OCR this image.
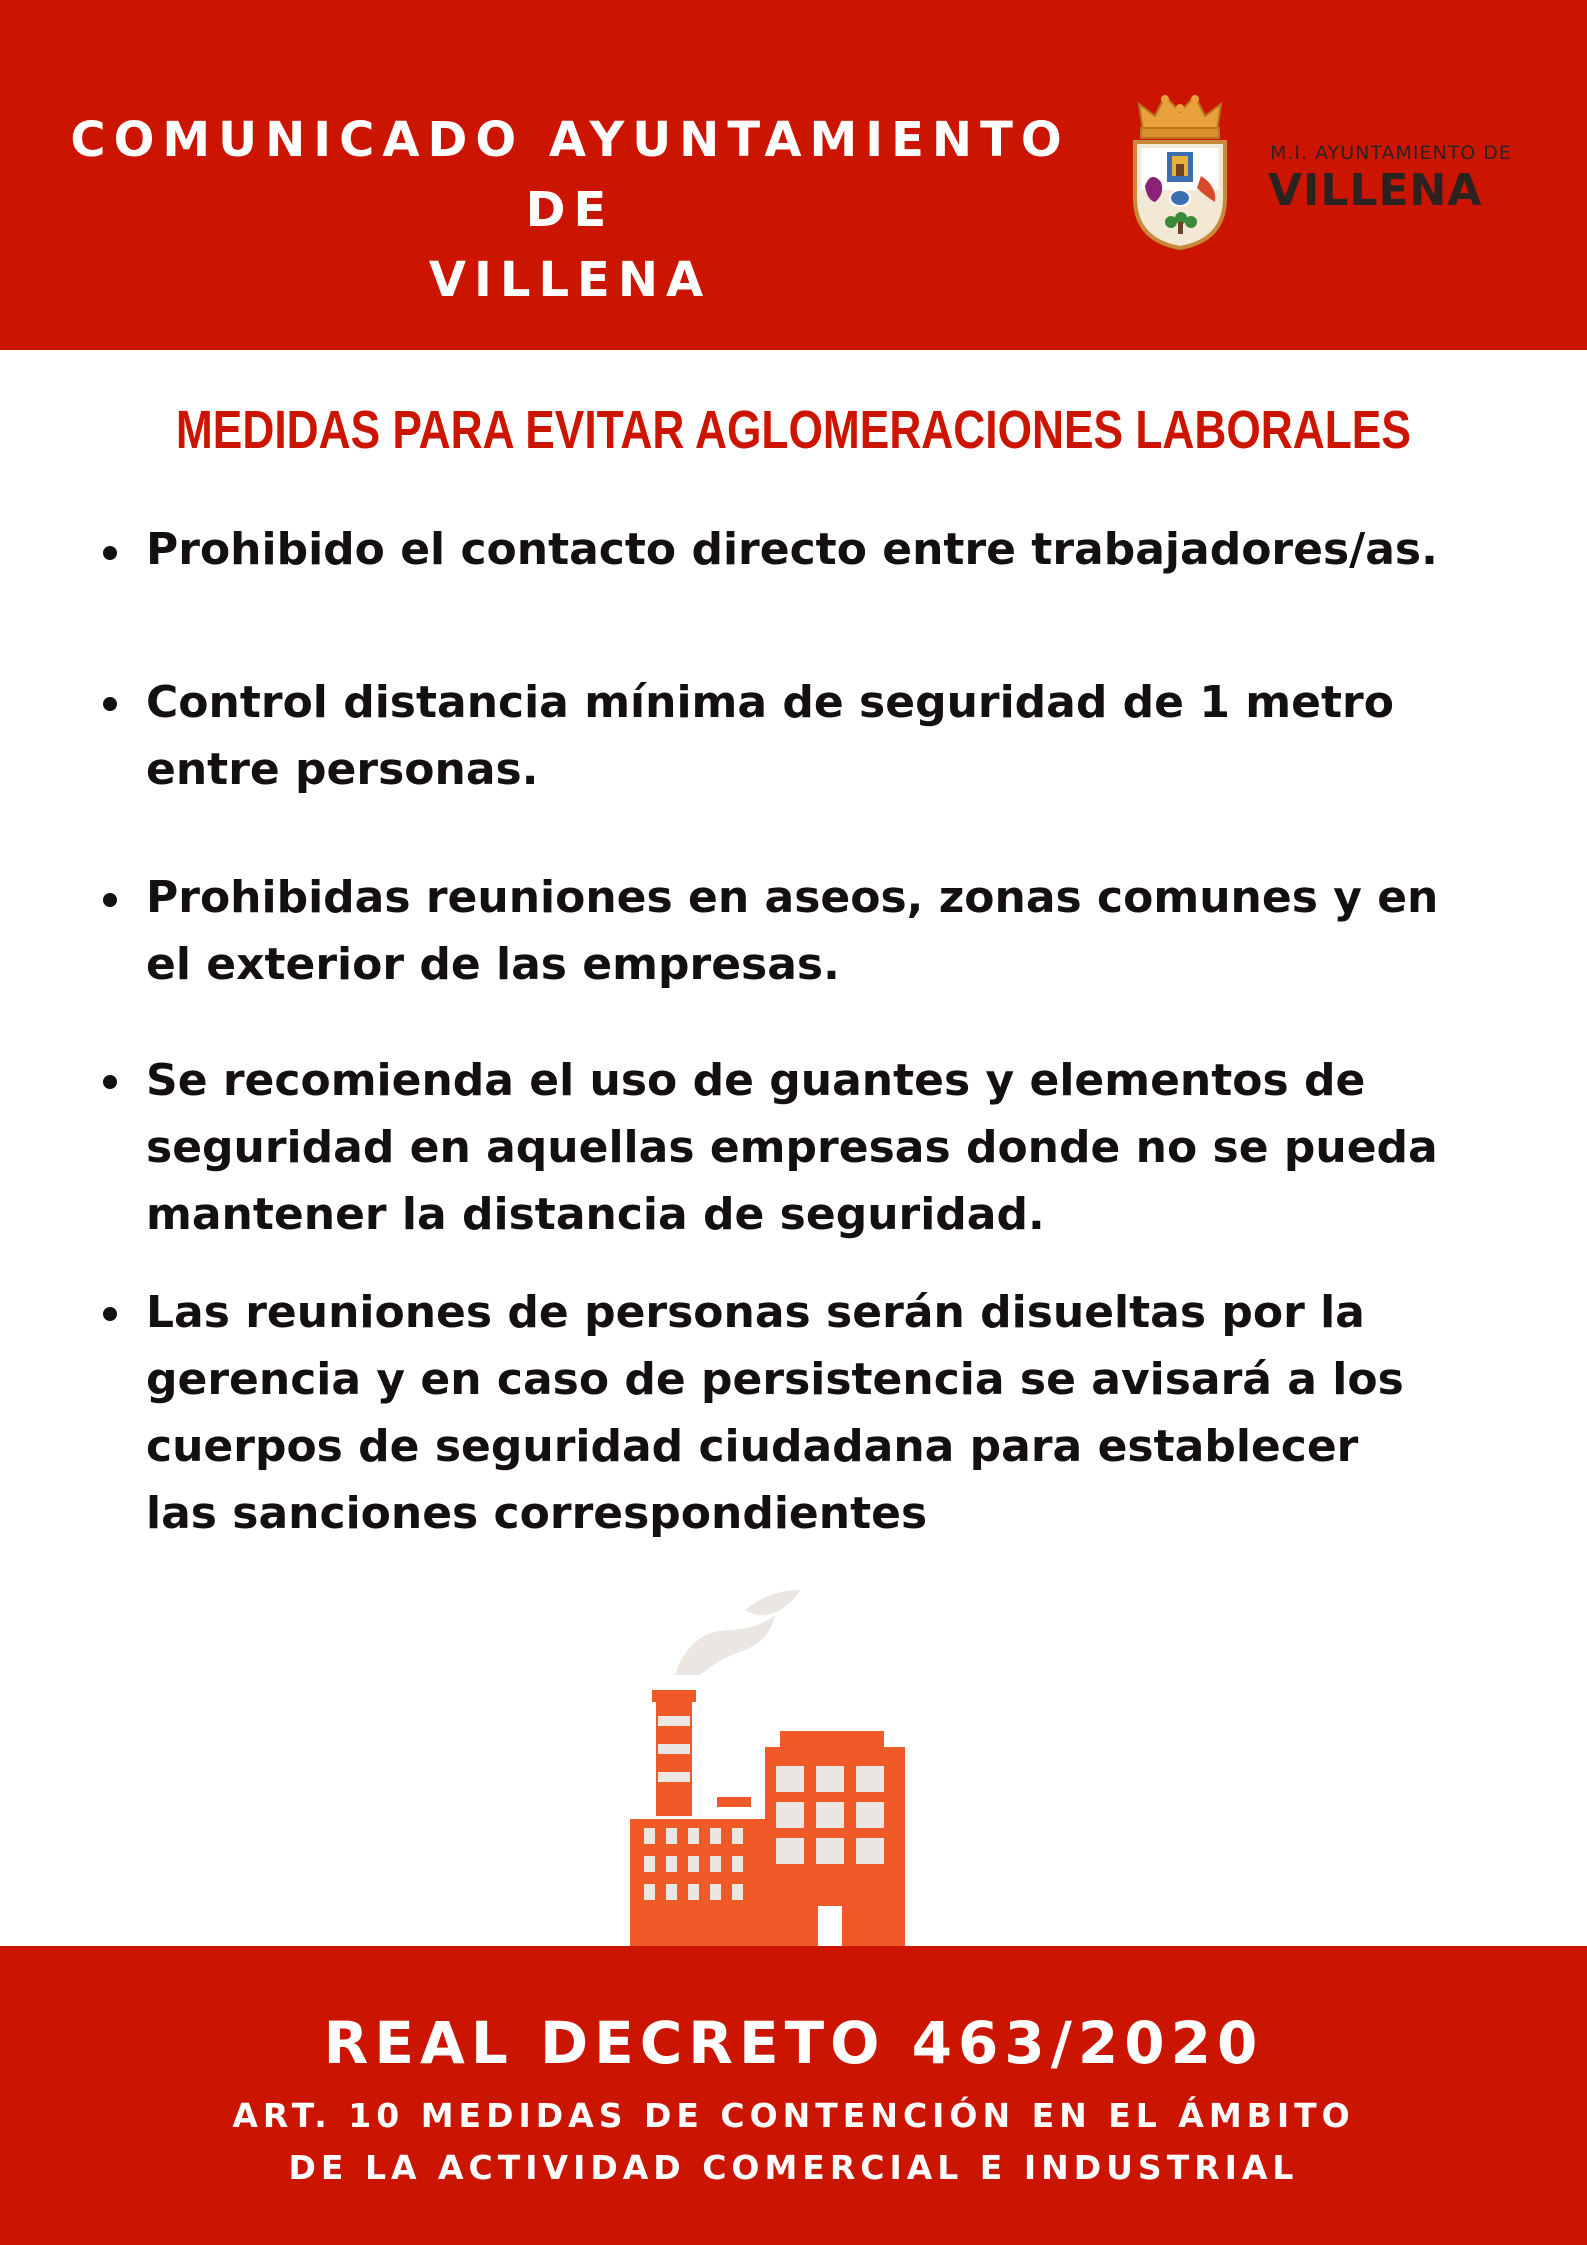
COMUNICADO AYUNTAMIENTO DE
VILLENA

M.I. AYUNTAMIENTO DE

VILLENA

MEDIDAS PARA EVITAR AGLOMERACIONES LABORALES

Prohibido el contacto directo entre trabajadores/as.

Control distancia mínima de seguridad de 1 metro
entre personas.

Prohibidas reuniones en aseos, zonas comunes y en
el exterior de las empresas.

Se recomienda el uso de guantes y elementos de
seguridad en aquellas empresas donde no se pueda
mantener la distancia de seguridad.

Las reuniones de personas serán disueltas por la
gerencia y en caso de persistencia se avisará a los
cuerpos de seguridad ciudadana para establecer
las sanciones correspondientes

REAL DECRETO 463/2020

ART. 10 MEDIDAS DE CONTENCIÓN EN EL ÁMBITO
DE LA ACTIVIDAD COMERCIAL E INDUSTRIAL
